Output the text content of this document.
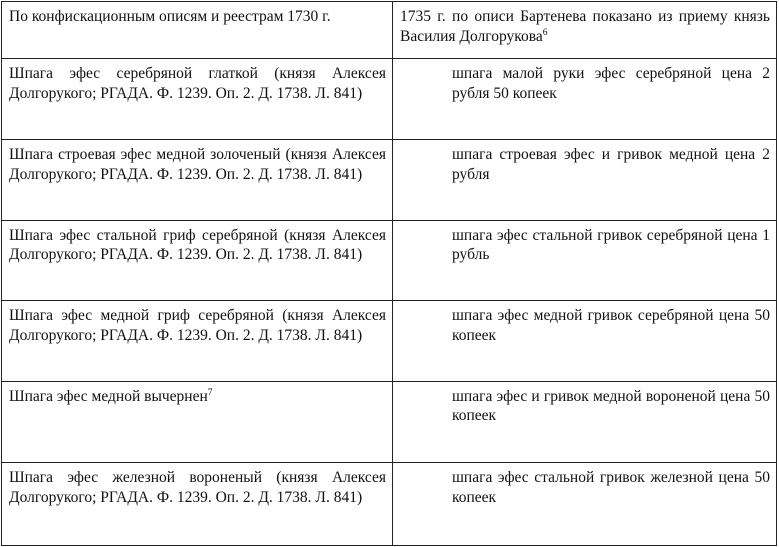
По конфискационным описям и реестрам 1730 г.	1735 г. по описи Бартенева показано из приему князь Василия Долгорукова$^6$
Шпага эфес серебряной глаткой (князя Алексея Долгорукого; РГАДА. Ф. 1239. Оп. 2. Д. 1738. Л. 841)	шпага малой руки эфес серебряной цена 2 рубля 50 копеек

Шпага строевая эфес медной золоченый (князя Алексея Долгорукого; РГАДА. Ф. 1239. Оп. 2. Д. 1738. Л. 841)	шпага строевая эфес и гривок медной цена 2 рубля

Шпага эфес стальной гриф серебряной (князя Алексея Долгорукого; РГАДА. Ф. 1239. Оп. 2. Д. 1738. Л. 841)	шпага эфес стальной гривок серебряной цена 1 рубль

Шпага эфес медной гриф серебряной (князя Алексея Долгорукого; РГАДА. Ф. 1239. Оп. 2. Д. 1738. Л. 841)	шпага эфес медной гривок серебряной цена 50 копеек

Шпага эфес медной вычернен$^7$	шпага эфес и гривок медной вороненой цена 50 копеек

Шпага эфес железной вороненый (князя Алексея Долгорукого; РГАДА. Ф. 1239. Оп. 2. Д. 1738. Л. 841)	шпага эфес стальной гривок железной цена 50 копеек
